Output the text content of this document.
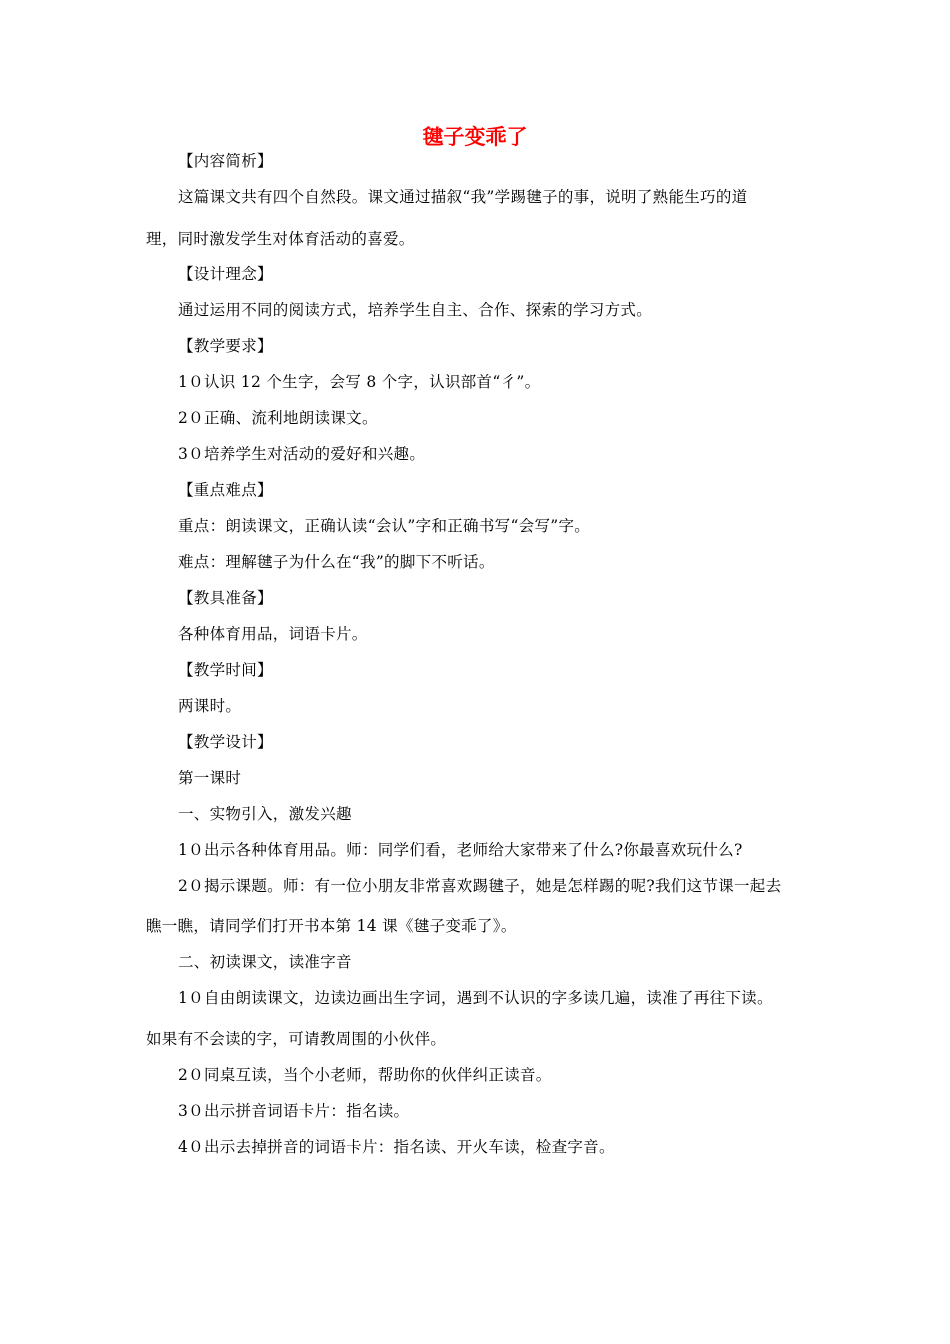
毽子变乖了
【内容简析】
这篇课文共有四个自然段。课文通过描叙“我”学踢毽子的事，说明了熟能生巧的道
理，同时激发学生对体育活动的喜爱。
【设计理念】
通过运用不同的阅读方式，培养学生自主、合作、探索的学习方式。
【教学要求】
1０认识 12 个生字，会写 8 个字，认识部首“彳”。
2０正确、流利地朗读课文。
3０培养学生对活动的爱好和兴趣。
【重点难点】
重点：朗读课文，正确认读“会认”字和正确书写“会写”字。
难点：理解毽子为什么在“我”的脚下不听话。
【教具准备】
各种体育用品，词语卡片。
【教学时间】
两课时。
【教学设计】
第一课时
一、实物引入，激发兴趣
1０出示各种体育用品。师：同学们看，老师给大家带来了什么?你最喜欢玩什么?
2０揭示课题。师：有一位小朋友非常喜欢踢毽子，她是怎样踢的呢?我们这节课一起去
瞧一瞧，请同学们打开书本第 14 课《毽子变乖了》。
二、初读课文，读准字音
1０自由朗读课文，边读边画出生字词，遇到不认识的字多读几遍，读准了再往下读。
如果有不会读的字，可请教周围的小伙伴。
2０同桌互读，当个小老师，帮助你的伙伴纠正读音。
3０出示拼音词语卡片：指名读。
4０出示去掉拼音的词语卡片：指名读、开火车读，检查字音。
